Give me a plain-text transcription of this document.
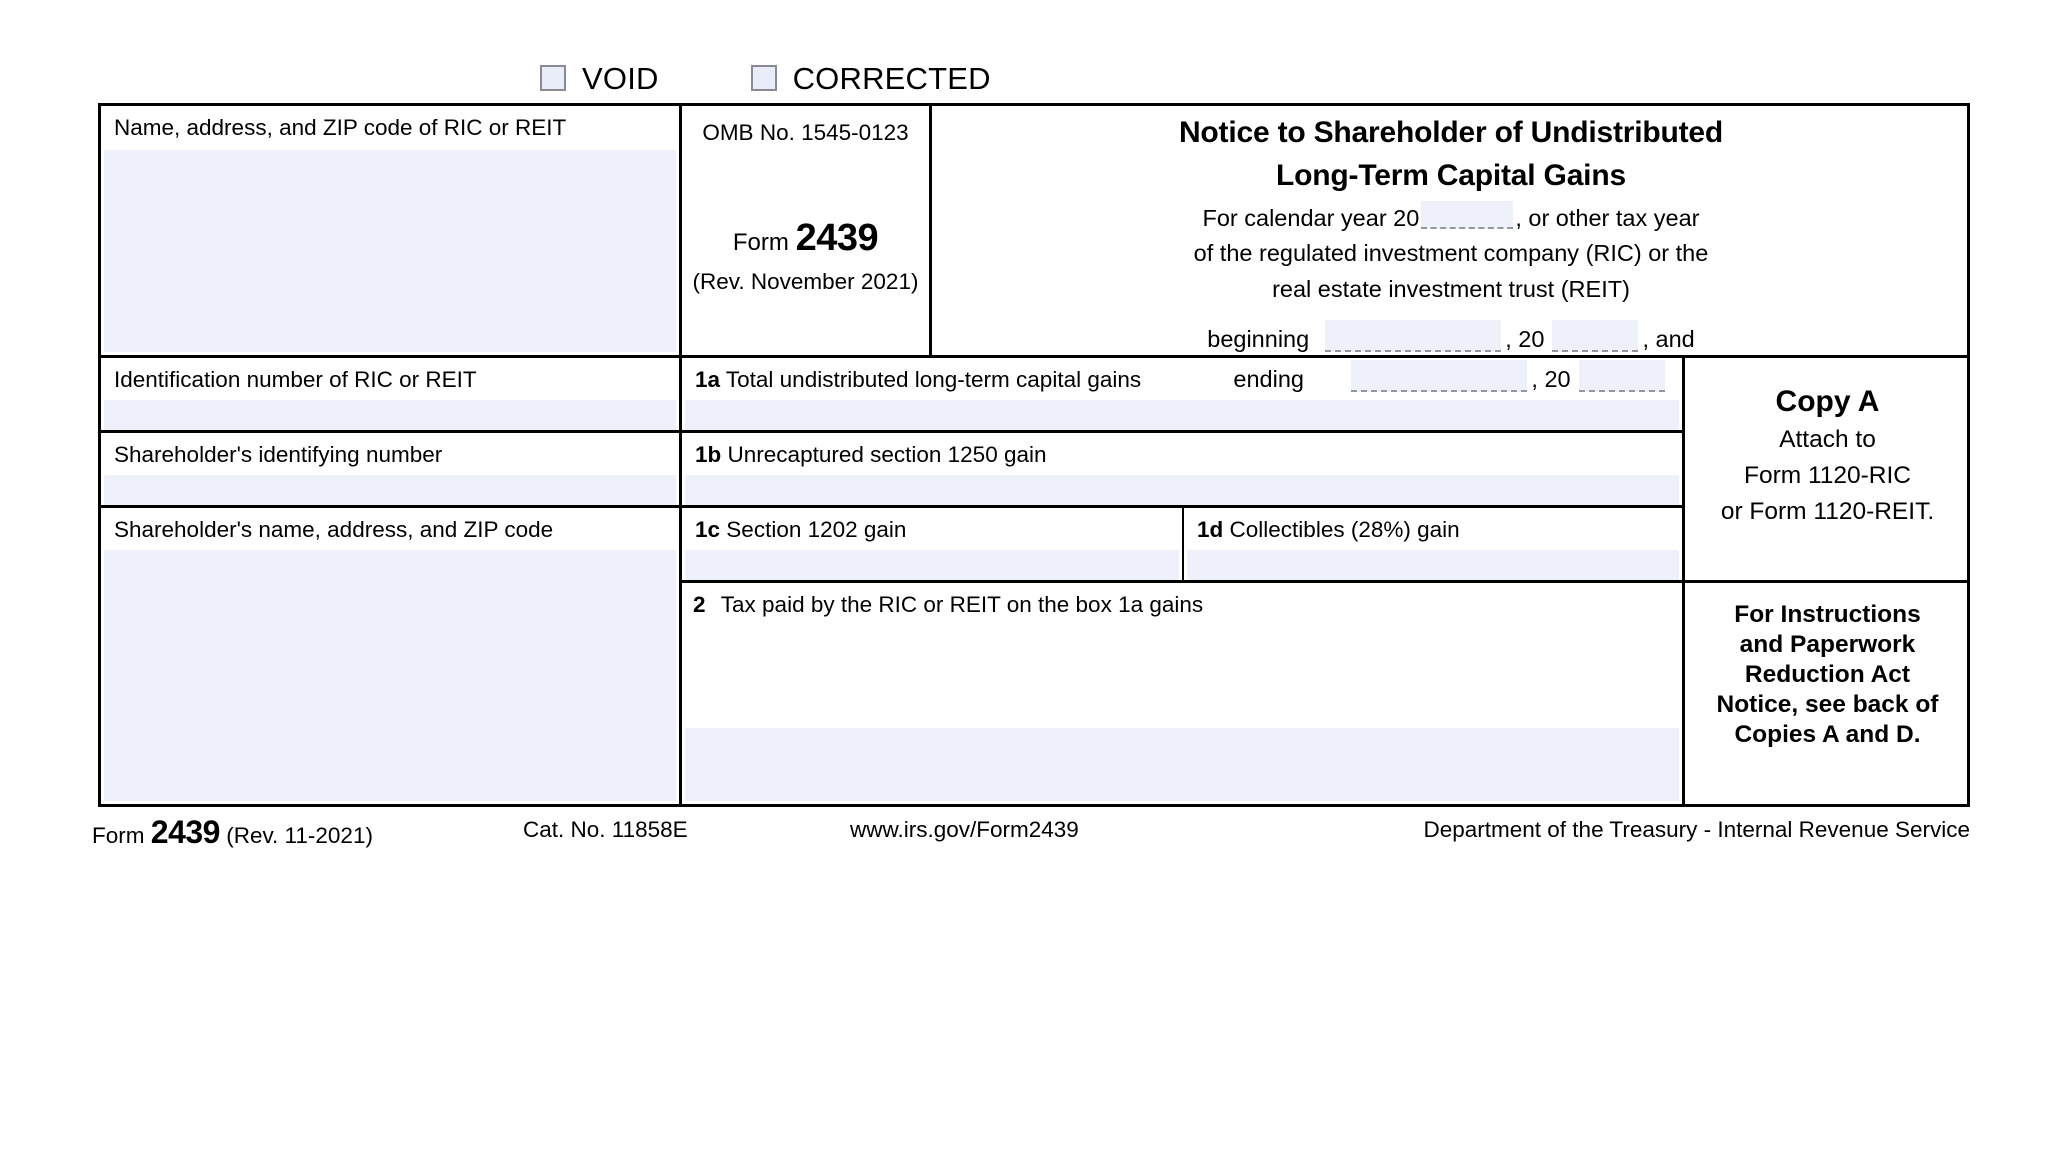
VOID	CORRECTED
Name, address, and ZIP code of RIC or REIT	OMB No. 1545-0123
Form 2439
(Rev. November 2021)
Notice to Shareholder of Undistributed
Long-Term Capital Gains
For calendar year 20	, or other tax year
of the regulated investment company (RIC) or the
real estate investment trust (REIT)
beginning	, 20	, and
ending	, 20
Identification number of RIC or REIT
Shareholder's identifying number
Shareholder's name, address, and ZIP code
1a Total undistributed long-term capital gains
1b Unrecaptured section 1250 gain
1c Section 1202 gain	1d Collectibles (28%) gain
2 Tax paid by the RIC or REIT on the box 1a gains
Copy A
Attach to
Form 1120-RIC
or Form 1120-REIT.
For Instructions
and Paperwork
Reduction Act
Notice, see back of
Copies A and D.
Form 2439 (Rev. 11-2021)	Cat. No. 11858E	www.irs.gov/Form2439	Department of the Treasury - Internal Revenue Service
